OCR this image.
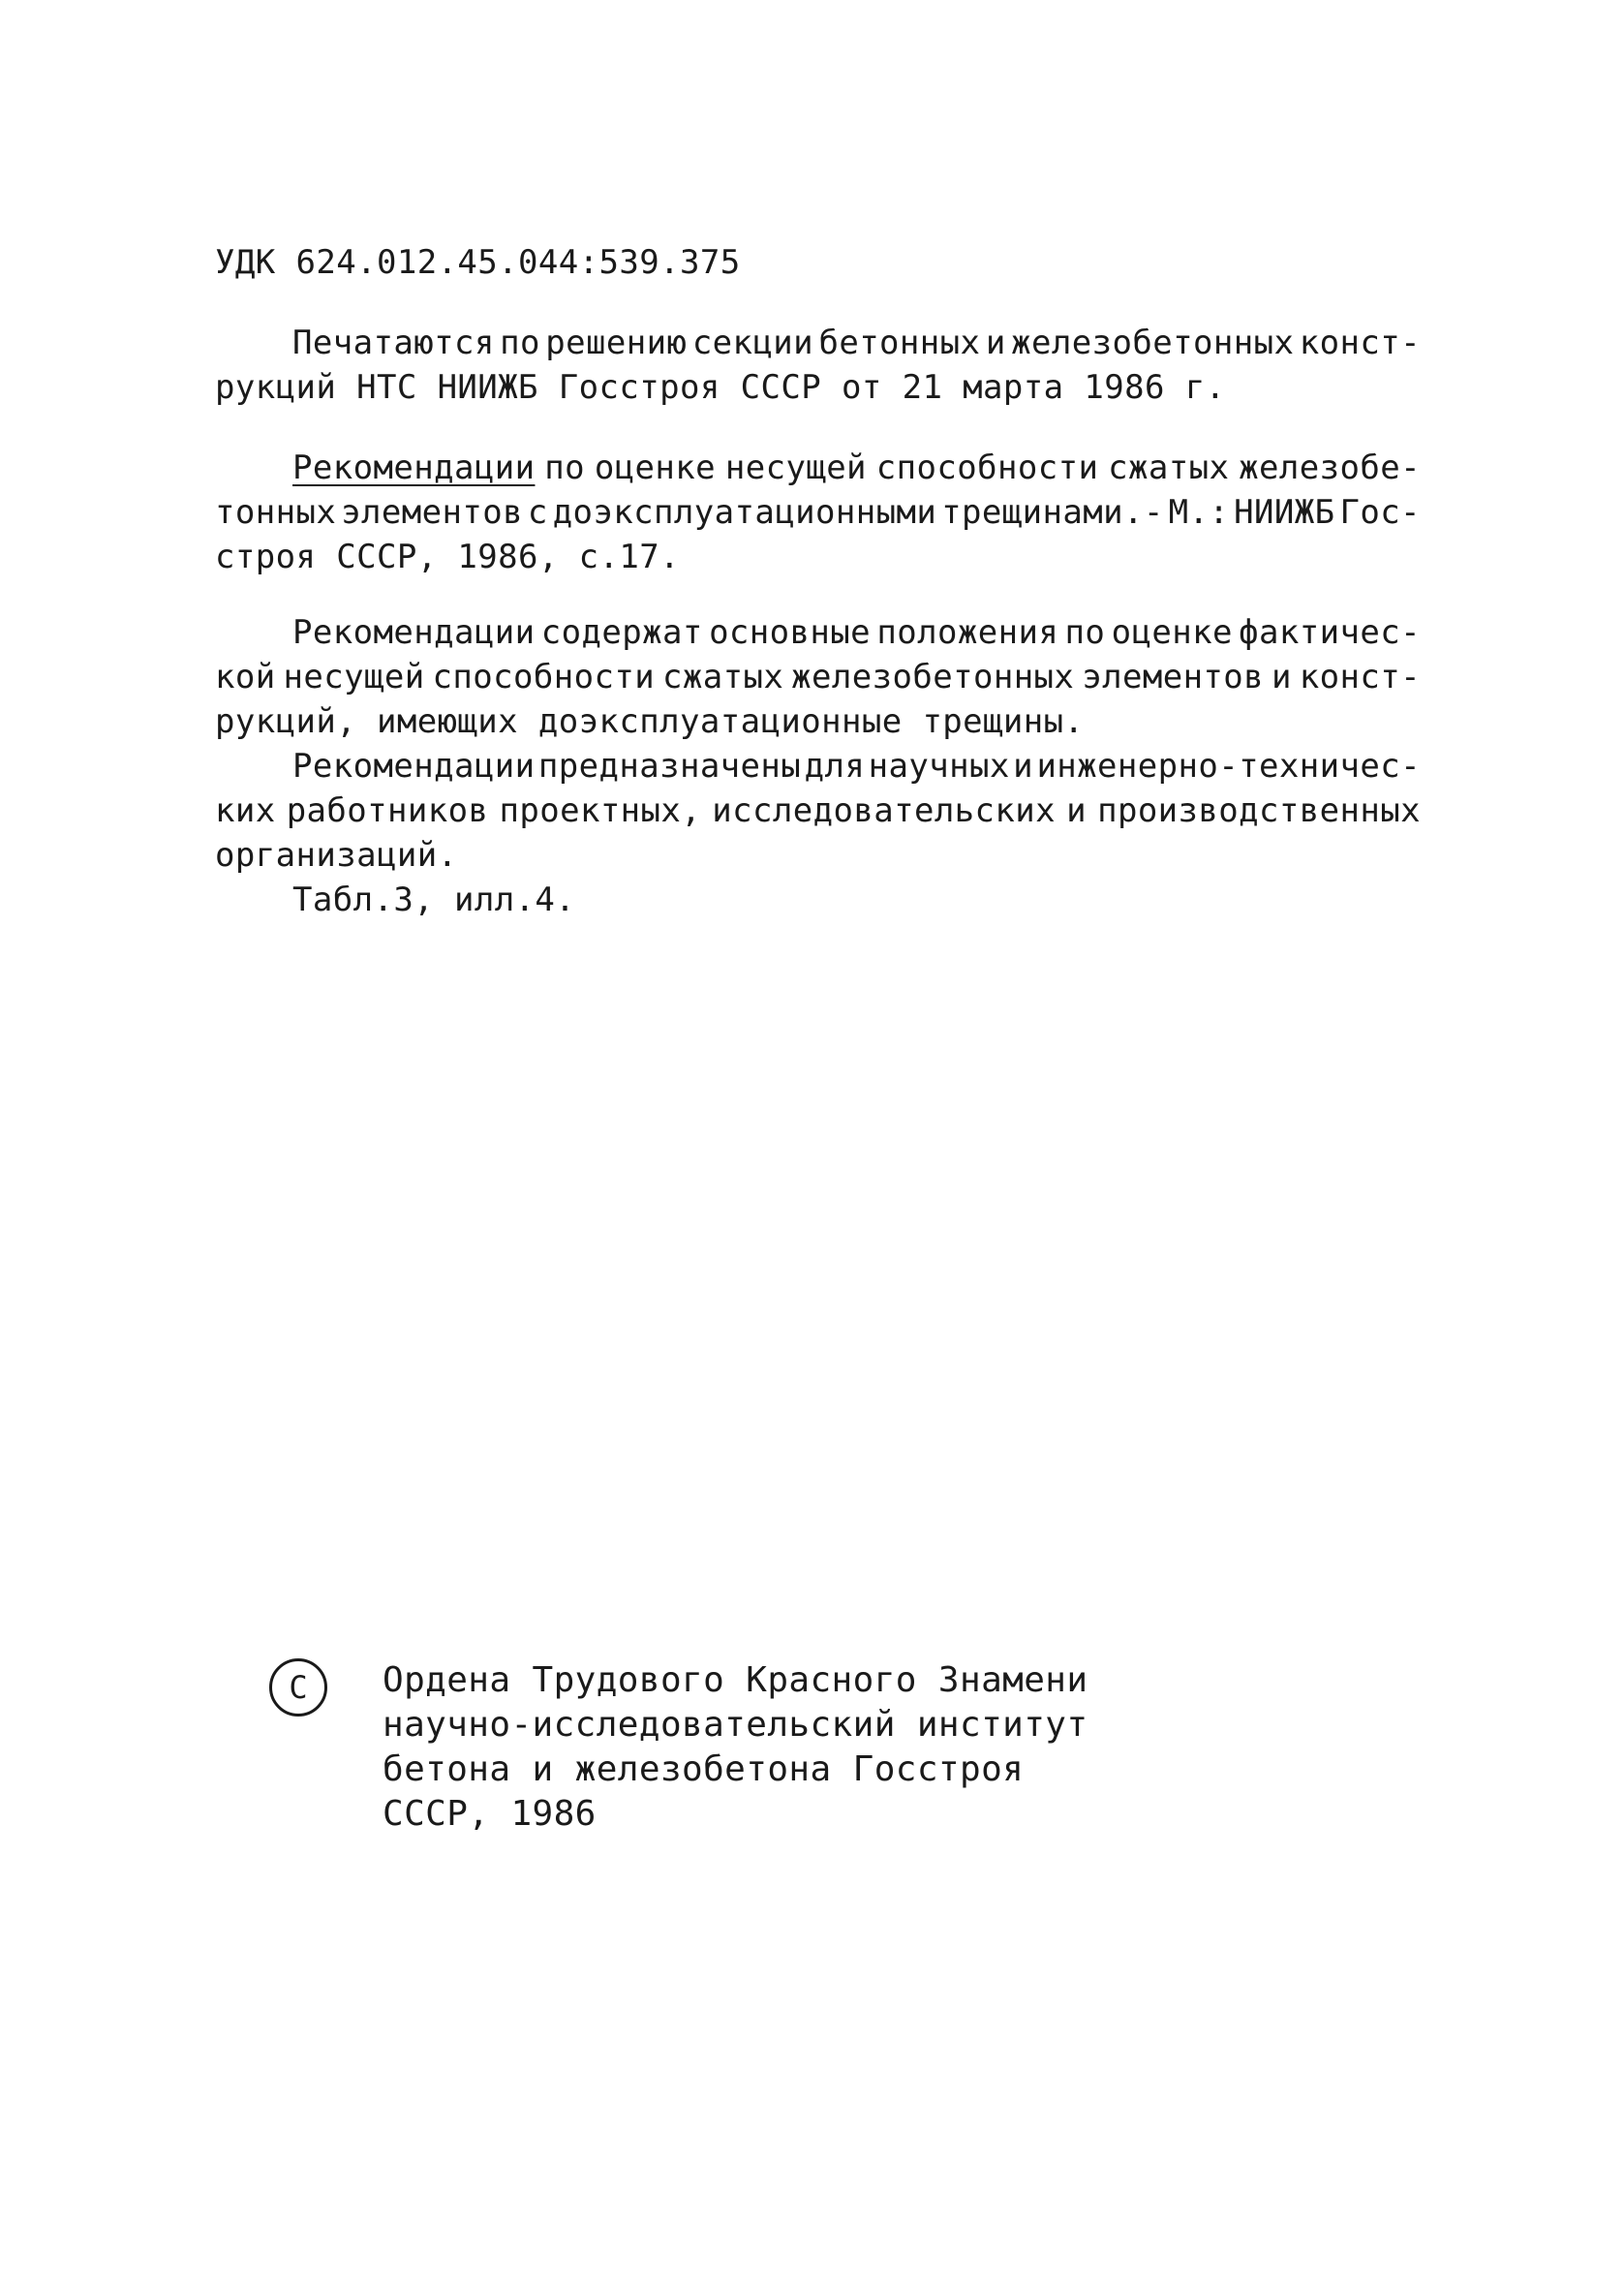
УДК 624.012.45.044:539.375
Печатаются по решению секции бетонных и железобетонных конст-
рукций НТС НИИЖБ Госстроя СССР от 21 марта 1986 г.
Рекомендации по оценке несущей способности сжатых железобе-
тонных элементов с доэксплуатационными трещинами.- М.: НИИЖБ Гос-
строя СССР, 1986, с.17.
Рекомендации содержат основные положения по оценке фактичес-
кой несущей способности сжатых железобетонных элементов и конст-
рукций, имеющих доэксплуатационные трещины.
Рекомендации предназначены для научных и инженерно-техничес-
ких работников проектных, исследовательских и производственных
организаций.
Табл.3, илл.4.
С Ордена Трудового Красного Знамени
научно-исследовательский институт
бетона и железобетона Госстроя
СССР, 1986
